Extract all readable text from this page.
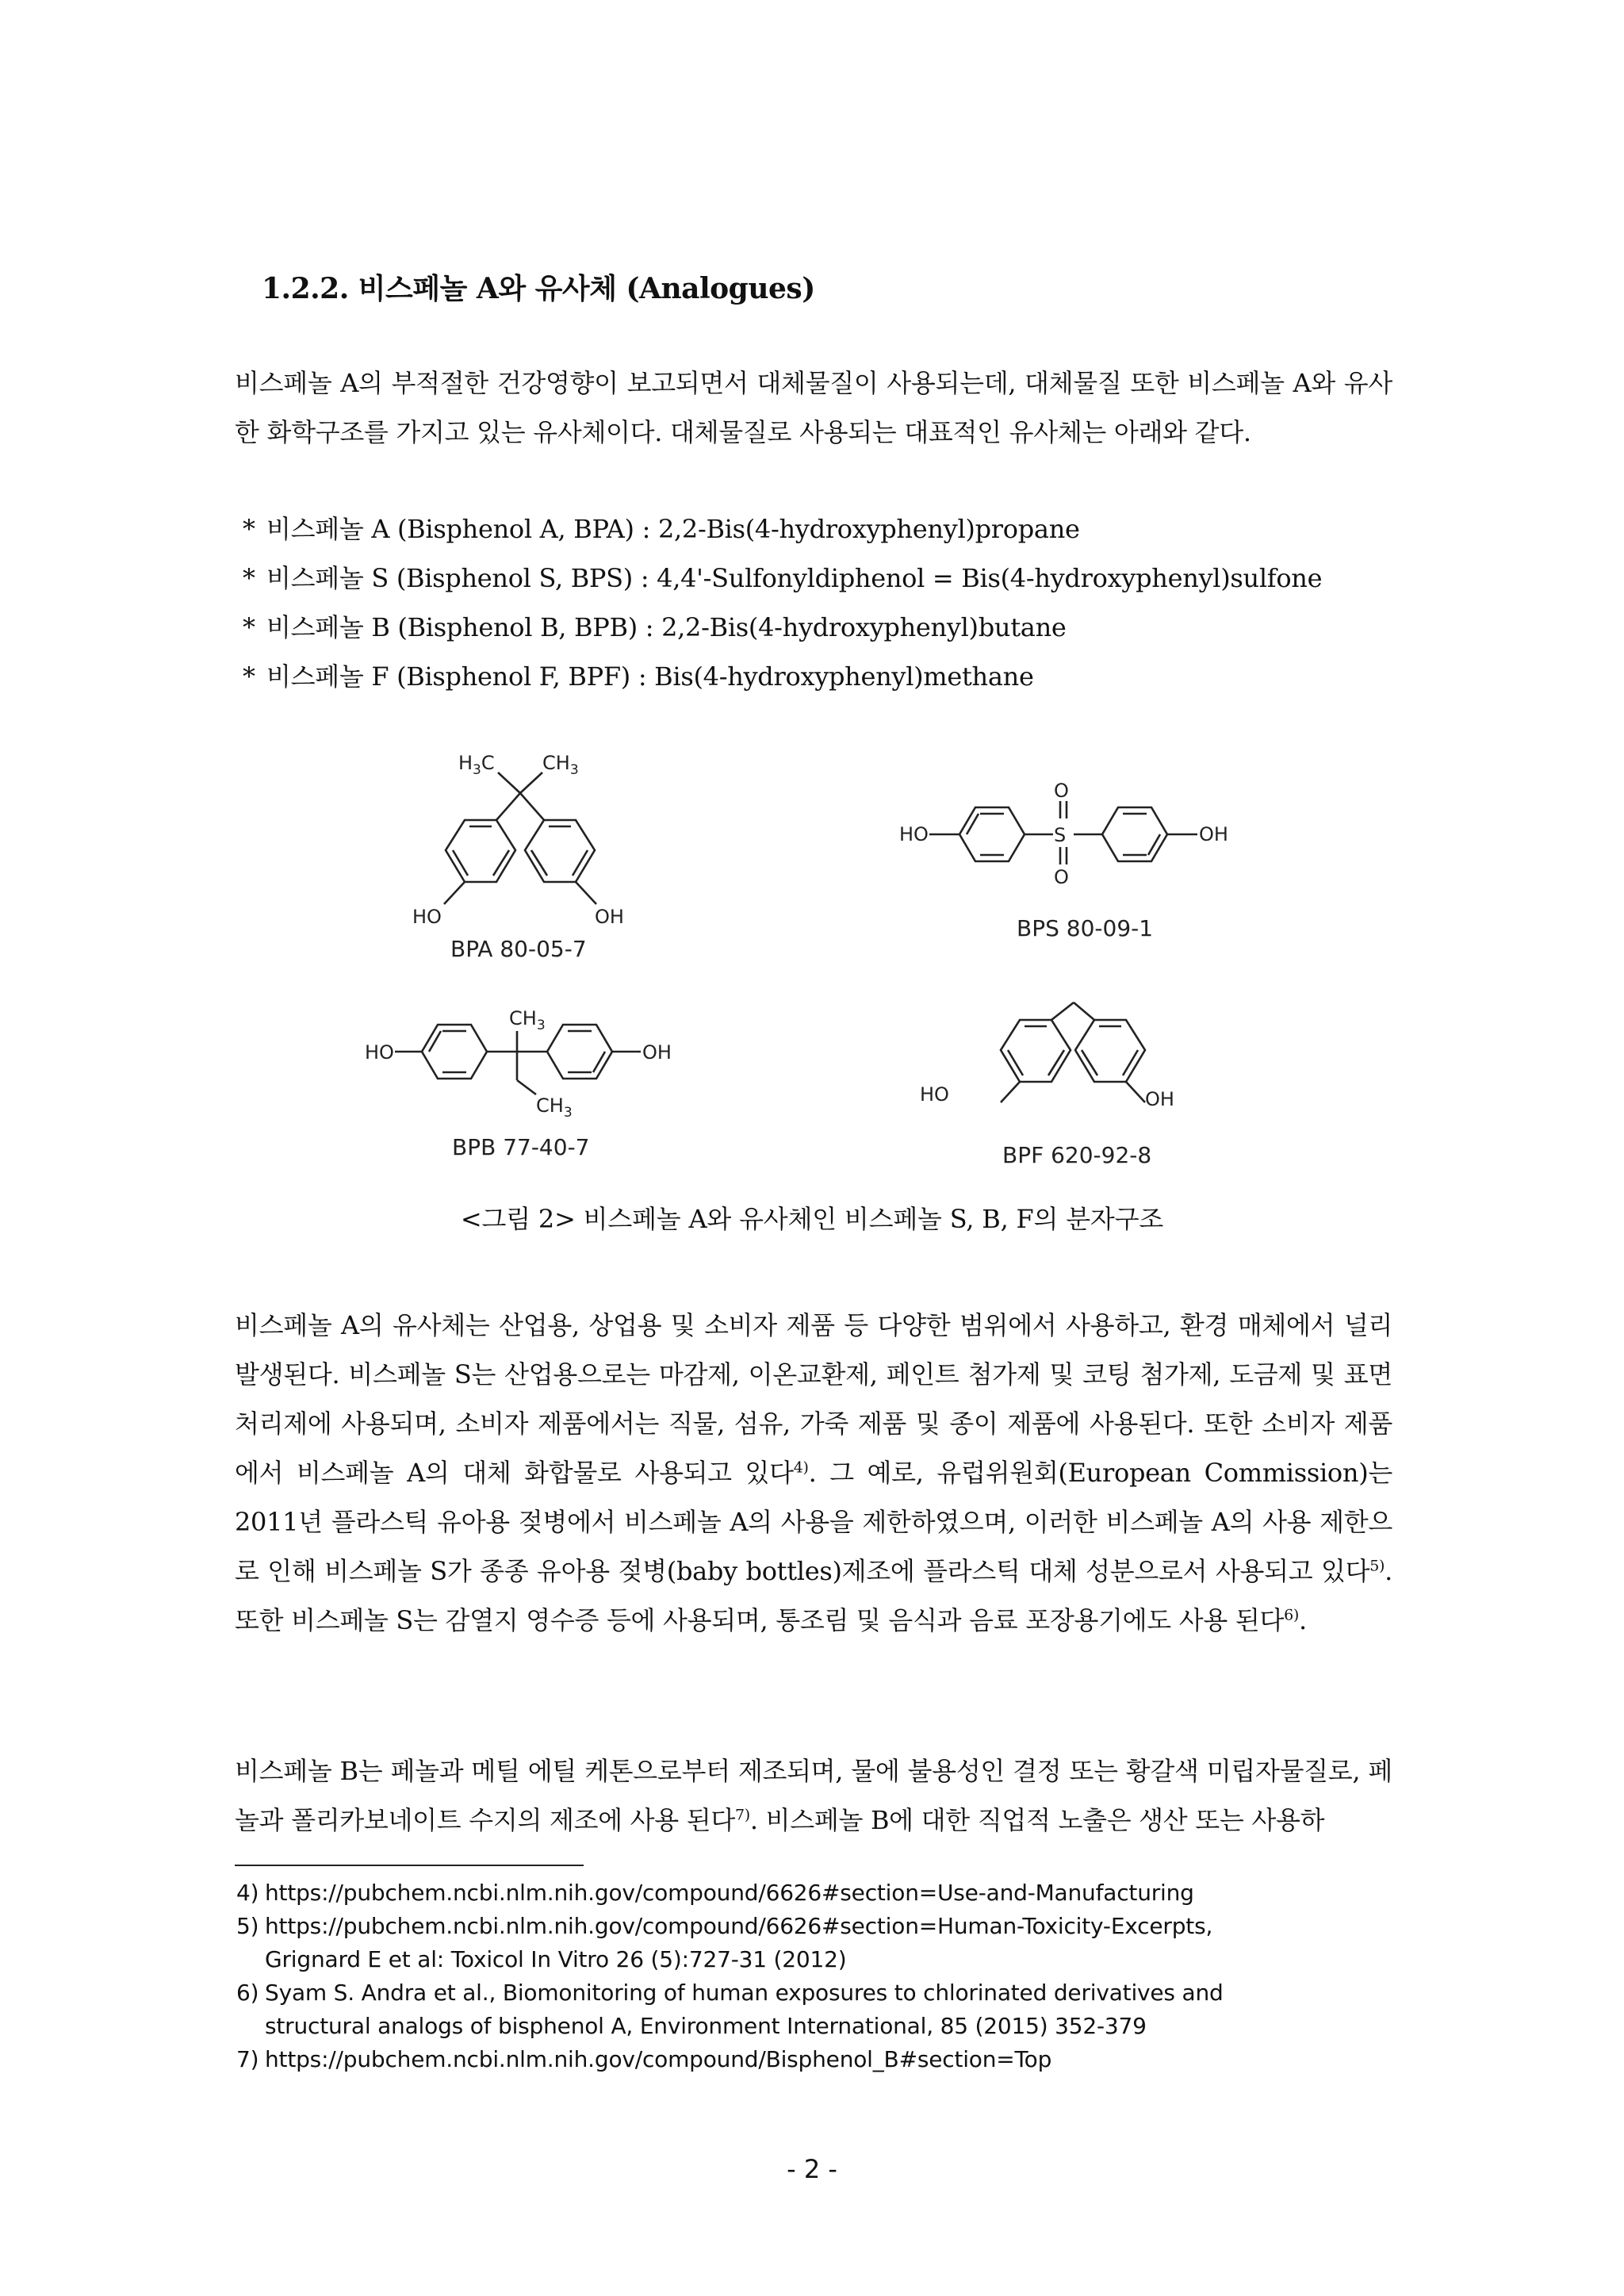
1.2.2. 비스페놀 A와 유사체 (Analogues)
비스페놀 A의 부적절한 건강영향이 보고되면서 대체물질이 사용되는데, 대체물질 또한 비스페놀 A와 유사한 화학구조를 가지고 있는 유사체이다. 대체물질로 사용되는 대표적인 유사체는 아래와 같다.
* 비스페놀 A (Bisphenol A, BPA) : 2,2-Bis(4-hydroxyphenyl)propane
* 비스페놀 S (Bisphenol S, BPS) : 4,4'-Sulfonyldiphenol = Bis(4-hydroxyphenyl)sulfone
* 비스페놀 B (Bisphenol B, BPB) : 2,2-Bis(4-hydroxyphenyl)butane
* 비스페놀 F (Bisphenol F, BPF) : Bis(4-hydroxyphenyl)methane
$H_3C$	$CH_3$
HO	OH
BPA 80-05-7
HO	S
O
O
OH
BPS 80-09-1
$CH_3$
HO	OH
$CH_3$
BPB 77-40-7
HO	OH
BPF 620-92-8
<그림 2> 비스페놀 A와 유사체인 비스페놀 S, B, F의 분자구조
비스페놀 A의 유사체는 산업용, 상업용 및 소비자 제품 등 다양한 범위에서 사용하고, 환경 매체에서 널리 발생된다. 비스페놀 S는 산업용으로는 마감제, 이온교환제, 페인트 첨가제 및 코팅 첨가제, 도금제 및 표면 처리제에 사용되며, 소비자 제품에서는 직물, 섬유, 가죽 제품 및 종이 제품에 사용된다. 또한 소비자 제품에서 비스페놀 A의 대체 화합물로 사용되고 있다$^{4)}$. 그 예로, 유럽위원회(European Commission)는 2011년 플라스틱 유아용 젖병에서 비스페놀 A의 사용을 제한하였으며, 이러한 비스페놀 A의 사용 제한으로 인해 비스페놀 S가 종종 유아용 젖병(baby bottles)제조에 플라스틱 대체 성분으로서 사용되고 있다$^{5)}$. 또한 비스페놀 S는 감열지 영수증 등에 사용되며, 통조림 및 음식과 음료 포장용기에도 사용 된다$^{6)}$.
비스페놀 B는 페놀과 메틸 에틸 케톤으로부터 제조되며, 물에 불용성인 결정 또는 황갈색 미립자물질로, 페놀과 폴리카보네이트 수지의 제조에 사용 된다$^{7)}$. 비스페놀 B에 대한 직업적 노출은 생산 또는 사용하
4) https://pubchem.ncbi.nlm.nih.gov/compound/6626#section=Use-and-Manufacturing
5) https://pubchem.ncbi.nlm.nih.gov/compound/6626#section=Human-Toxicity-Excerpts,
Grignard E et al: Toxicol In Vitro 26 (5):727-31 (2012)
6) Syam S. Andra et al., Biomonitoring of human exposures to chlorinated derivatives and
structural analogs of bisphenol A, Environment International, 85 (2015) 352-379
7) https://pubchem.ncbi.nlm.nih.gov/compound/Bisphenol_B#section=Top
- 2 -
